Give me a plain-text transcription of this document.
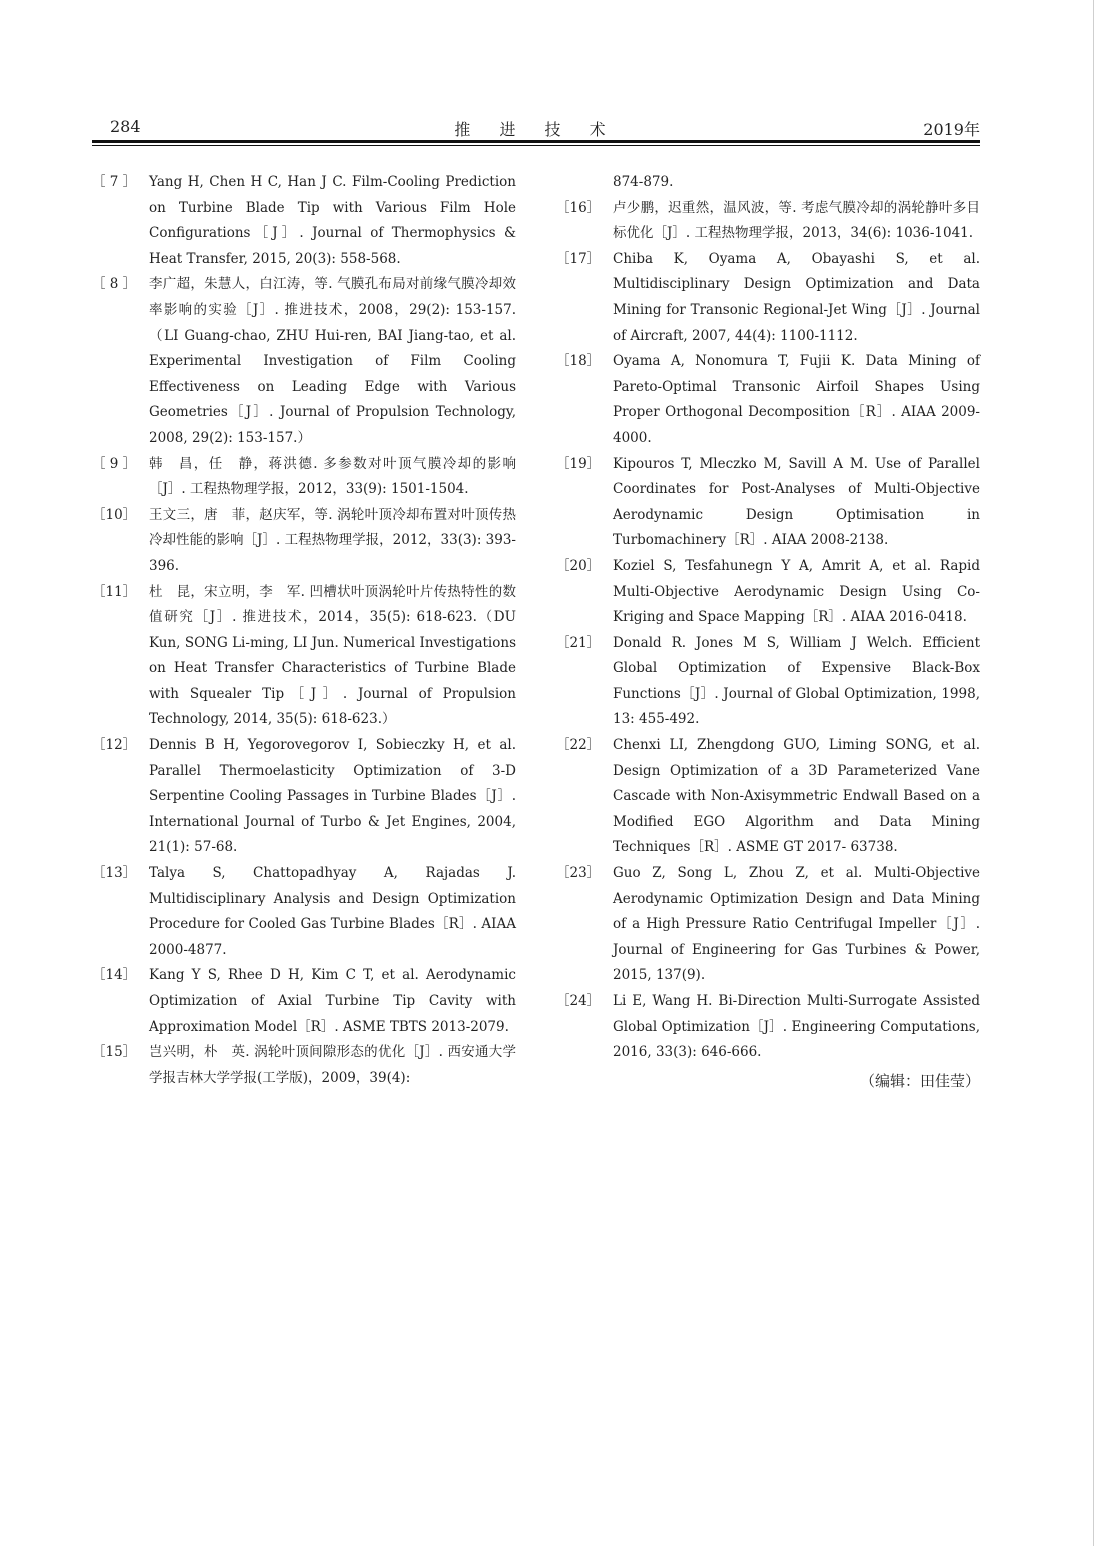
284	推 进 技 术	2019年
［ 7 ］ Yang H, Chen H C, Han J C. Film-Cooling Prediction on Turbine Blade Tip with Various Film Hole Configurations［J］. Journal of Thermophysics & Heat Transfer, 2015, 20(3): 558-568.
［ 8 ］ 李广超，朱慧人，白江涛，等. 气膜孔布局对前缘气膜冷却效率影响的实验［J］. 推进技术，2008，29(2): 153-157.（LI Guang-chao, ZHU Hui-ren, BAI Jiang-tao, et al. Experimental Investigation of Film Cooling Effectiveness on Leading Edge with Various Geometries［J］. Journal of Propulsion Technology, 2008, 29(2): 153-157.）
［ 9 ］ 韩　昌，任　静，蒋洪德. 多参数对叶顶气膜冷却的影响［J］. 工程热物理学报，2012，33(9): 1501-1504.
［10］ 王文三，唐　菲，赵庆军，等. 涡轮叶顶冷却布置对叶顶传热冷却性能的影响［J］. 工程热物理学报，2012，33(3): 393-396.
［11］ 杜　昆，宋立明，李　军. 凹槽状叶顶涡轮叶片传热特性的数值研究［J］. 推进技术，2014，35(5): 618-623.（DU Kun, SONG Li-ming, LI Jun. Numerical Investigations on Heat Transfer Characteristics of Turbine Blade with Squealer Tip［J］. Journal of Propulsion Technology, 2014, 35(5): 618-623.）
［12］ Dennis B H, Yegorovegorov I, Sobieczky H, et al. Parallel Thermoelasticity Optimization of 3-D Serpentine Cooling Passages in Turbine Blades［J］. International Journal of Turbo & Jet Engines, 2004, 21(1): 57-68.
［13］ Talya S, Chattopadhyay A, Rajadas J. Multidisciplinary Analysis and Design Optimization Procedure for Cooled Gas Turbine Blades［R］. AIAA 2000-4877.
［14］ Kang Y S, Rhee D H, Kim C T, et al. Aerodynamic Optimization of Axial Turbine Tip Cavity with Approximation Model［R］. ASME TBTS 2013-2079.
［15］ 岂兴明，朴　英. 涡轮叶顶间隙形态的优化［J］. 西安通大学学报吉林大学学报(工学版)，2009，39(4):
874-879.
［16］ 卢少鹏，迟重然，温风波，等. 考虑气膜冷却的涡轮静叶多目标优化［J］. 工程热物理学报，2013，34(6): 1036-1041.
［17］ Chiba K, Oyama A, Obayashi S, et al. Multidisciplinary Design Optimization and Data Mining for Transonic Regional-Jet Wing［J］. Journal of Aircraft, 2007, 44(4): 1100-1112.
［18］ Oyama A, Nonomura T, Fujii K. Data Mining of Pareto-Optimal Transonic Airfoil Shapes Using Proper Orthogonal Decomposition［R］. AIAA 2009-4000.
［19］ Kipouros T, Mleczko M, Savill A M. Use of Parallel Coordinates for Post-Analyses of Multi-Objective Aerodynamic Design Optimisation in Turbomachinery［R］. AIAA 2008-2138.
［20］ Koziel S, Tesfahunegn Y A, Amrit A, et al. Rapid Multi-Objective Aerodynamic Design Using Co-Kriging and Space Mapping［R］. AIAA 2016-0418.
［21］ Donald R. Jones M S, William J Welch. Efficient Global Optimization of Expensive Black-Box Functions［J］. Journal of Global Optimization, 1998, 13: 455-492.
［22］ Chenxi LI, Zhengdong GUO, Liming SONG, et al. Design Optimization of a 3D Parameterized Vane Cascade with Non-Axisymmetric Endwall Based on a Modified EGO Algorithm and Data Mining Techniques［R］. ASME GT 2017- 63738.
［23］ Guo Z, Song L, Zhou Z, et al. Multi-Objective Aerodynamic Optimization Design and Data Mining of a High Pressure Ratio Centrifugal Impeller［J］. Journal of Engineering for Gas Turbines & Power, 2015, 137(9).
［24］ Li E, Wang H. Bi-Direction Multi-Surrogate Assisted Global Optimization［J］. Engineering Computations, 2016, 33(3): 646-666.
（编辑：田佳莹）
